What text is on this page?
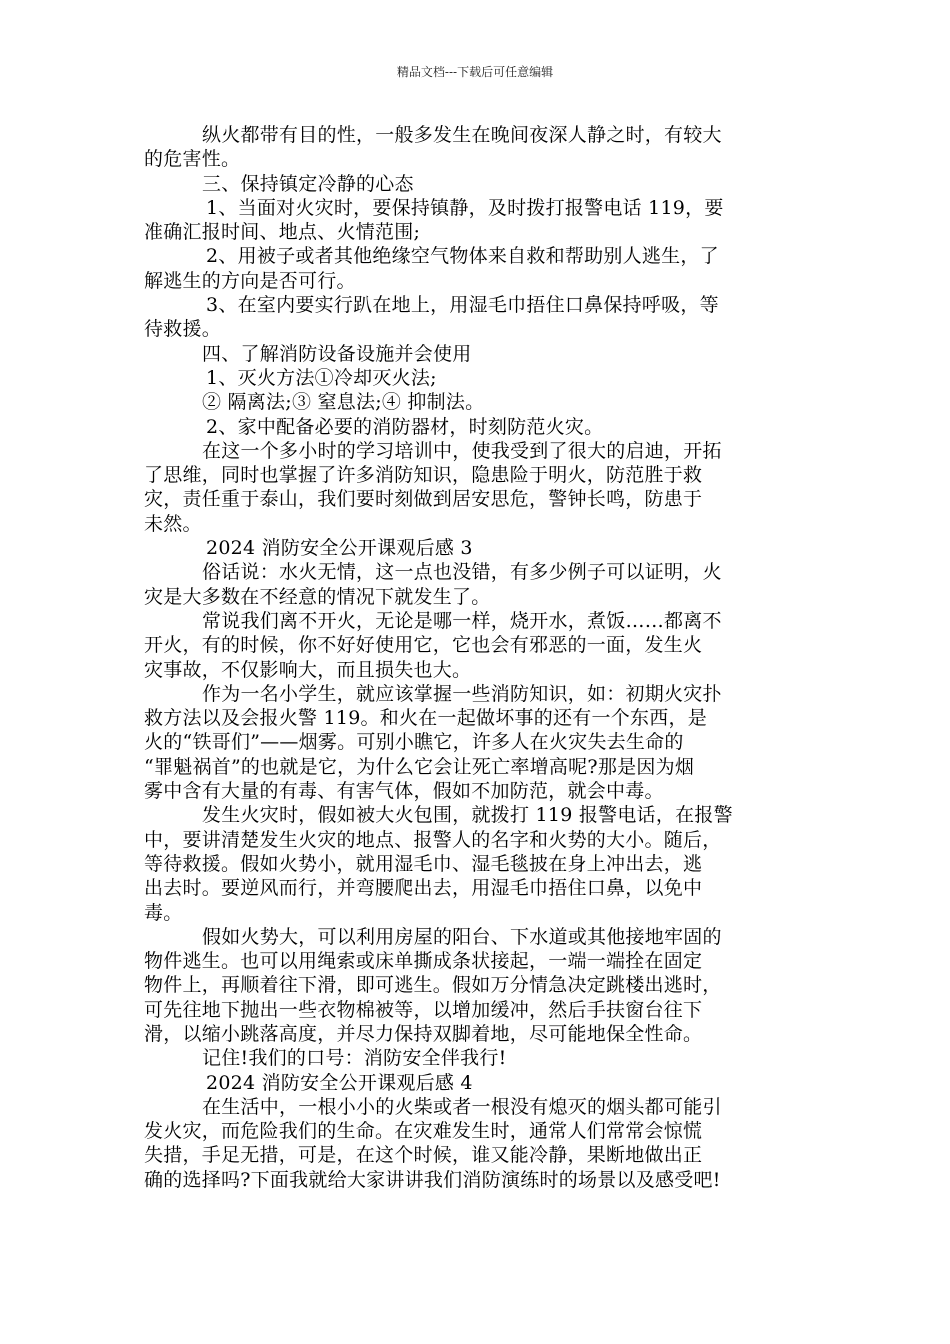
精品文档---下载后可任意编辑
纵火都带有目的性，一般多发生在晚间夜深人静之时，有较大
的危害性。
三、保持镇定冷静的心态
1、当面对火灾时，要保持镇静，及时拨打报警电话 119，要
准确汇报时间、地点、火情范围;
2、用被子或者其他绝缘空气物体来自救和帮助别人逃生，了
解逃生的方向是否可行。
3、在室内要实行趴在地上，用湿毛巾捂住口鼻保持呼吸，等
待救援。
四、了解消防设备设施并会使用
1、灭火方法①冷却灭火法;
② 隔离法;③ 窒息法;④ 抑制法。
2、家中配备必要的消防器材，时刻防范火灾。
在这一个多小时的学习培训中，使我受到了很大的启迪，开拓
了思维，同时也掌握了许多消防知识，隐患险于明火，防范胜于救
灾，责任重于泰山，我们要时刻做到居安思危，警钟长鸣，防患于
未然。
2024 消防安全公开课观后感 3
俗话说：水火无情，这一点也没错，有多少例子可以证明，火
灾是大多数在不经意的情况下就发生了。
常说我们离不开火，无论是哪一样，烧开水，煮饭……都离不
开火，有的时候，你不好好使用它，它也会有邪恶的一面，发生火
灾事故，不仅影响大，而且损失也大。
作为一名小学生，就应该掌握一些消防知识，如：初期火灾扑
救方法以及会报火警 119。和火在一起做坏事的还有一个东西，是
火的“铁哥们”——烟雾。可别小瞧它，许多人在火灾失去生命的
“罪魁祸首”的也就是它，为什么它会让死亡率增高呢?那是因为烟
雾中含有大量的有毒、有害气体，假如不加防范，就会中毒。
发生火灾时，假如被大火包围，就拨打 119 报警电话，在报警
中，要讲清楚发生火灾的地点、报警人的名字和火势的大小。随后，
等待救援。假如火势小，就用湿毛巾、湿毛毯披在身上冲出去，逃
出去时。要逆风而行，并弯腰爬出去，用湿毛巾捂住口鼻，以免中
毒。
假如火势大，可以利用房屋的阳台、下水道或其他接地牢固的
物件逃生。也可以用绳索或床单撕成条状接起，一端一端拴在固定
物件上，再顺着往下滑，即可逃生。假如万分情急决定跳楼出逃时，
可先往地下抛出一些衣物棉被等，以增加缓冲，然后手扶窗台往下
滑，以缩小跳落高度，并尽力保持双脚着地，尽可能地保全性命。
记住!我们的口号：消防安全伴我行!
2024 消防安全公开课观后感 4
在生活中，一根小小的火柴或者一根没有熄灭的烟头都可能引
发火灾，而危险我们的生命。在灾难发生时，通常人们常常会惊慌
失措，手足无措，可是，在这个时候，谁又能冷静，果断地做出正
确的选择吗?下面我就给大家讲讲我们消防演练时的场景以及感受吧!
